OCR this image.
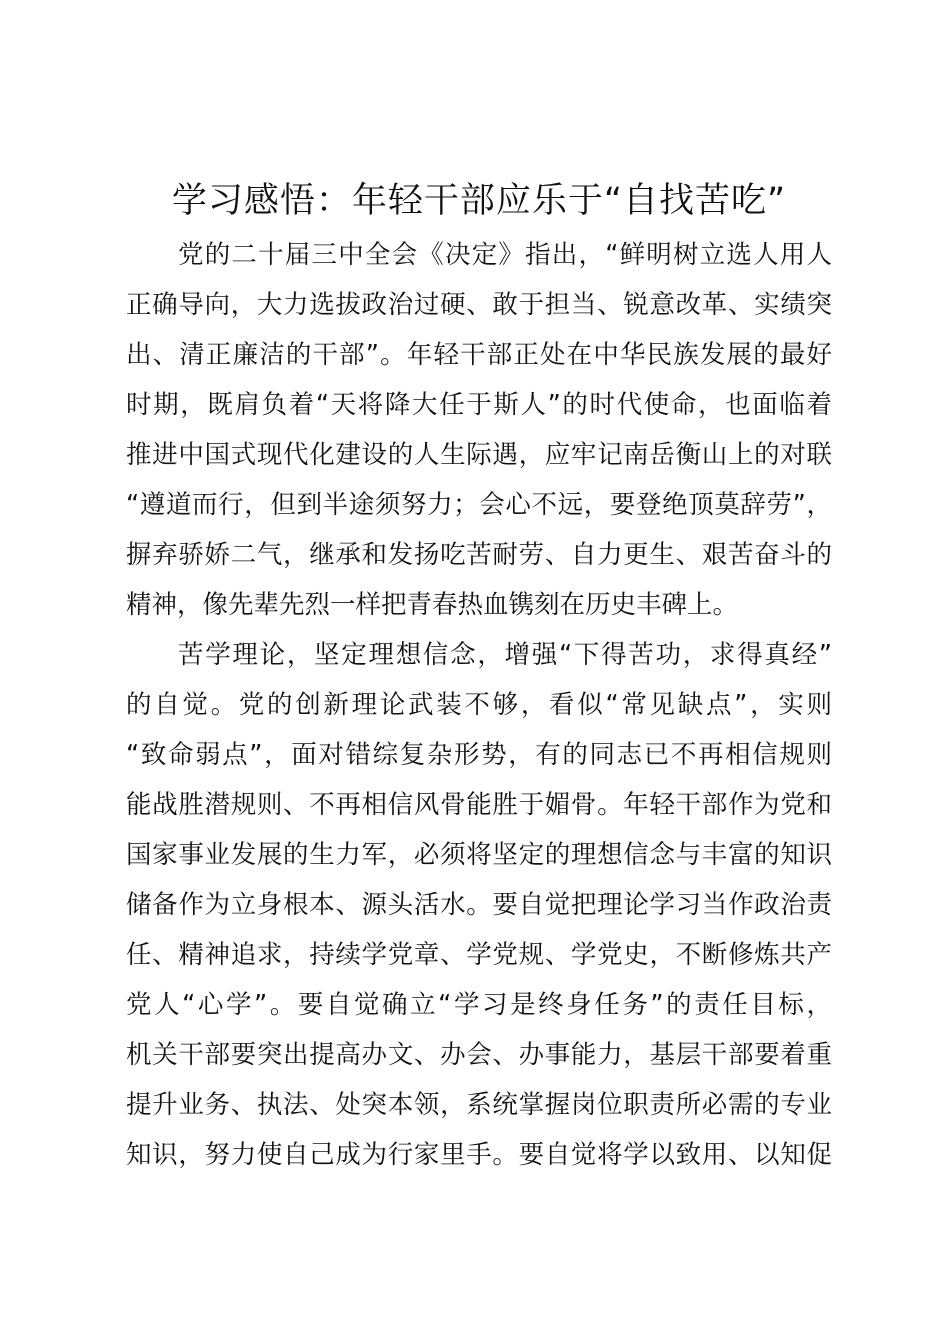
学习感悟：年轻干部应乐于“自找苦吃”
党的二十届三中全会《决定》指出，“鲜明树立选人用人
正确导向，大力选拔政治过硬、敢于担当、锐意改革、实绩突
出、清正廉洁的干部”。年轻干部正处在中华民族发展的最好
时期，既肩负着“天将降大任于斯人”的时代使命，也面临着
推进中国式现代化建设的人生际遇，应牢记南岳衡山上的对联
“遵道而行，但到半途须努力；会心不远，要登绝顶莫辞劳”，
摒弃骄娇二气，继承和发扬吃苦耐劳、自力更生、艰苦奋斗的
精神，像先辈先烈一样把青春热血镌刻在历史丰碑上。
苦学理论，坚定理想信念，增强“下得苦功，求得真经”
的自觉。党的创新理论武装不够，看似“常见缺点”，实则
“致命弱点”，面对错综复杂形势，有的同志已不再相信规则
能战胜潜规则、不再相信风骨能胜于媚骨。年轻干部作为党和
国家事业发展的生力军，必须将坚定的理想信念与丰富的知识
储备作为立身根本、源头活水。要自觉把理论学习当作政治责
任、精神追求，持续学党章、学党规、学党史，不断修炼共产
党人“心学”。要自觉确立“学习是终身任务”的责任目标，
机关干部要突出提高办文、办会、办事能力，基层干部要着重
提升业务、执法、处突本领，系统掌握岗位职责所必需的专业
知识，努力使自己成为行家里手。要自觉将学以致用、以知促
